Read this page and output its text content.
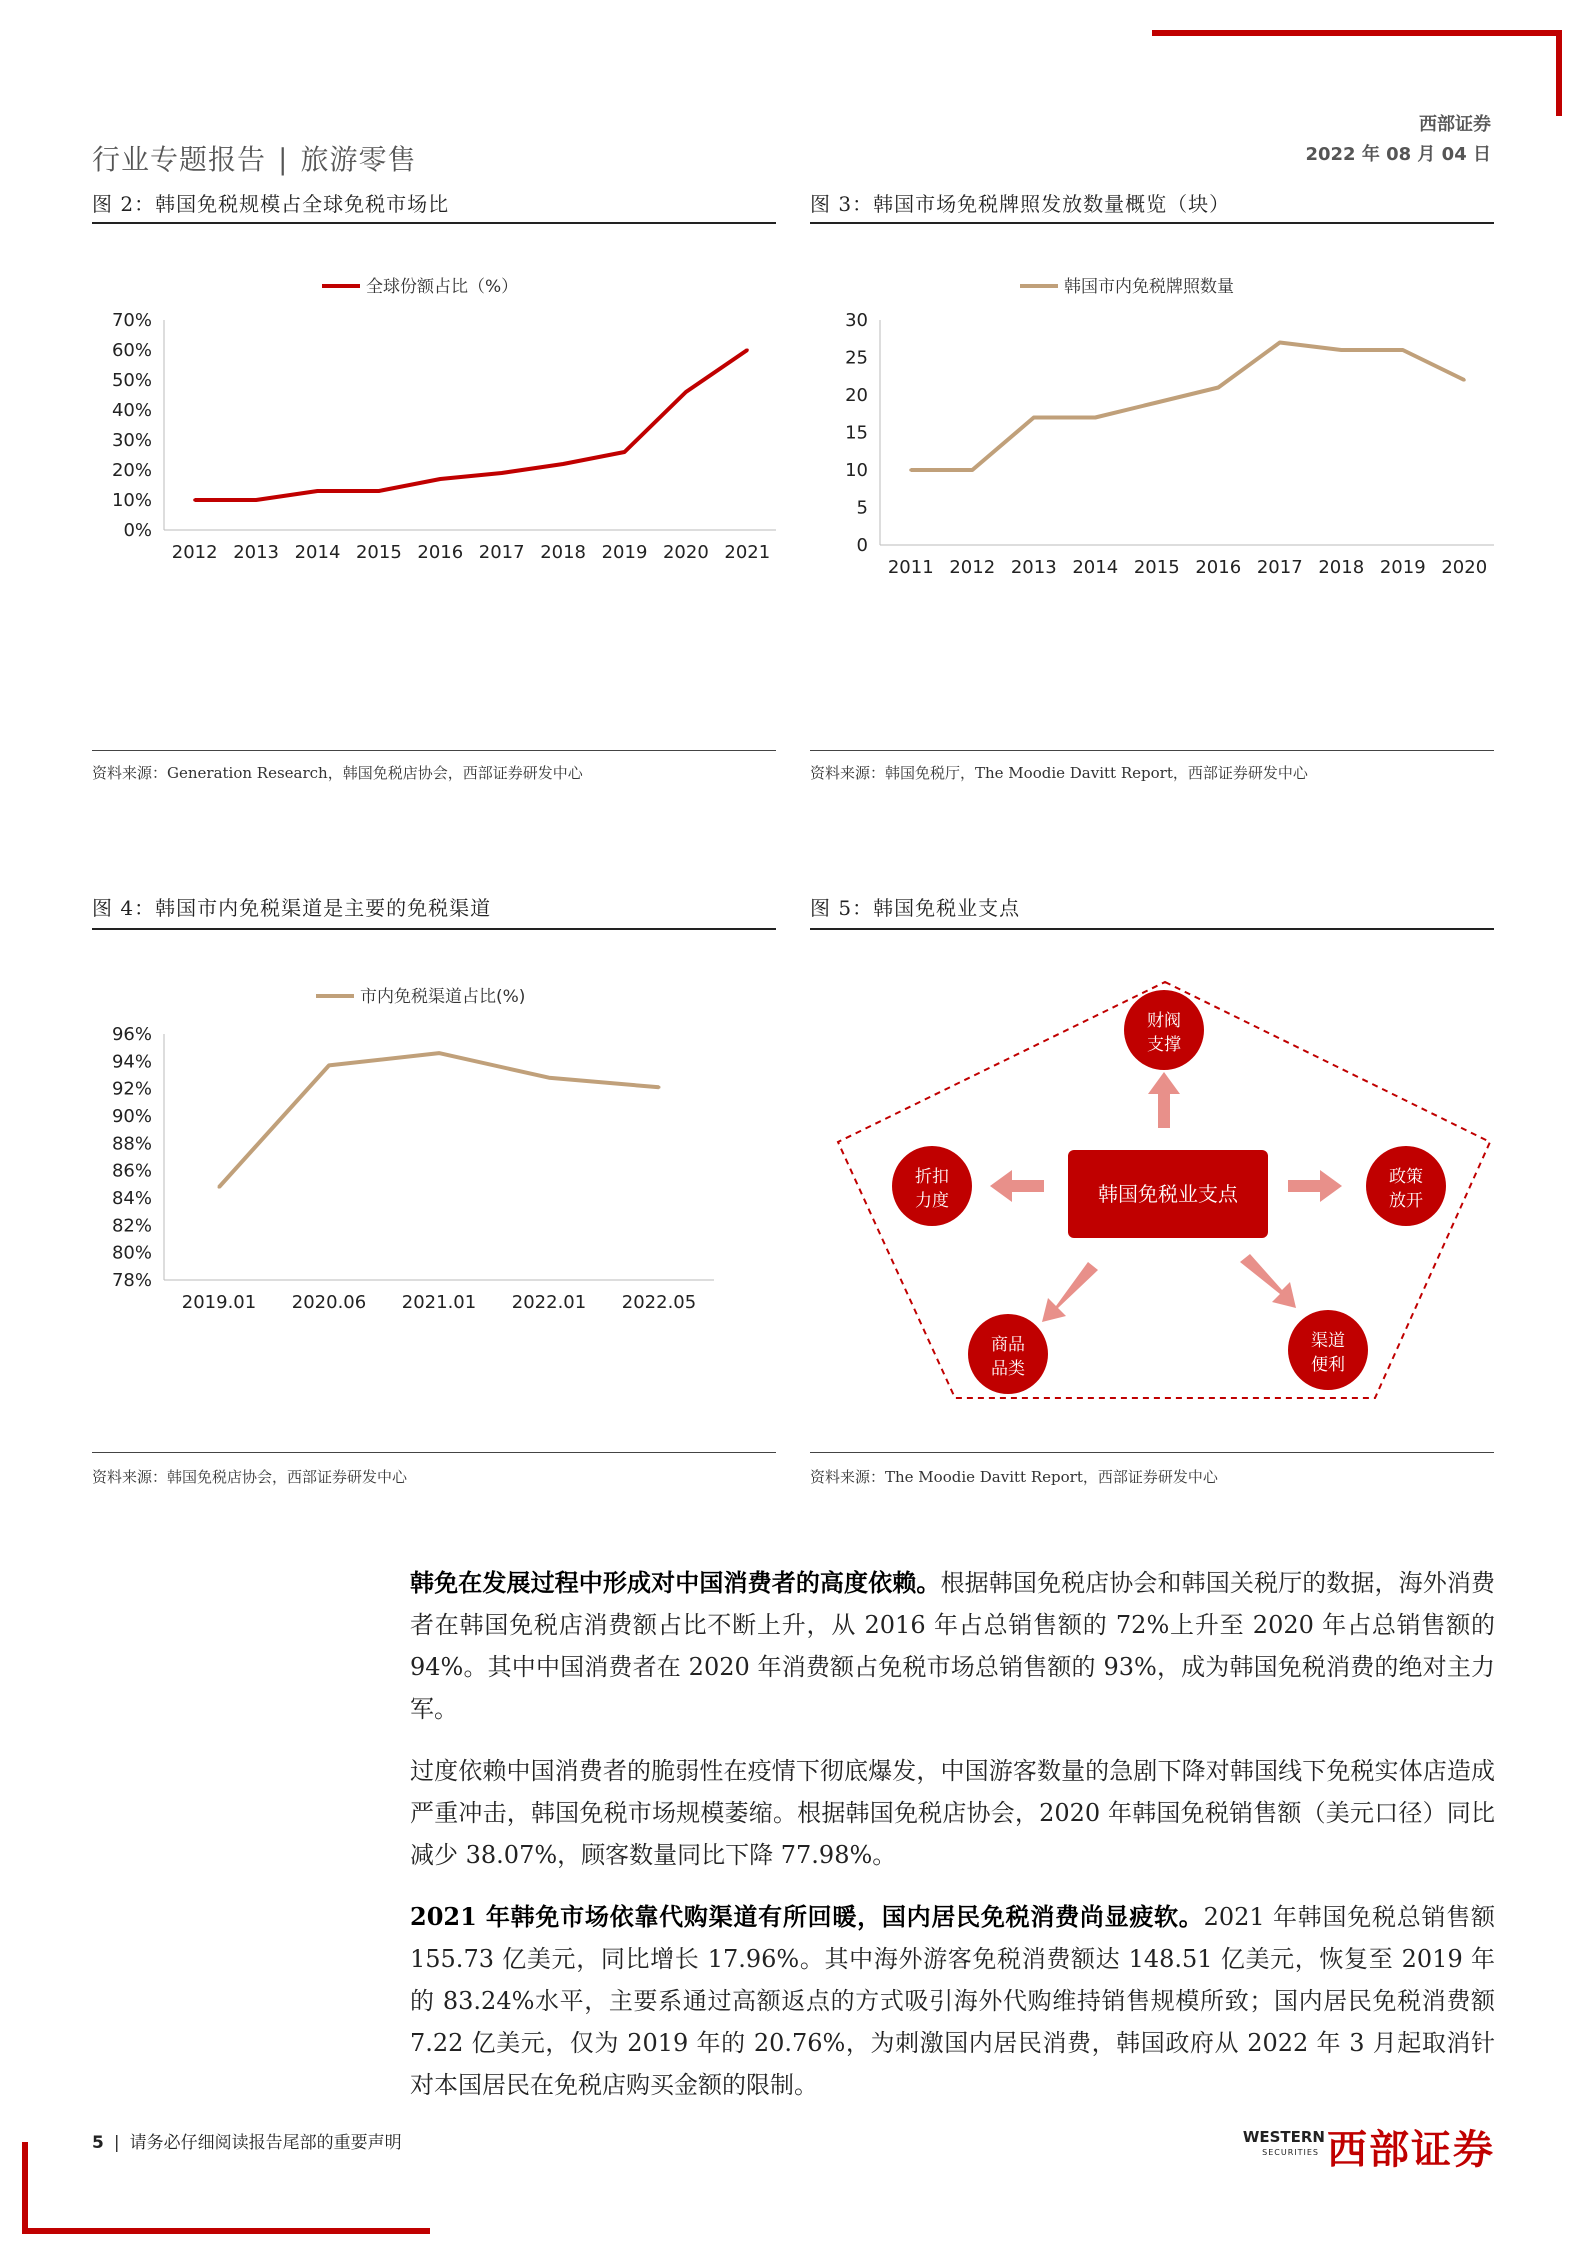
行业专题报告 | 旅游零售
西部证券
2022 年 08 月 04 日
图 2：韩国免税规模占全球免税市场比
全球份额占比（%）
0%
10%
20%
30%
40%
50%
60%
70%
2012 2013 2014 2015 2016 2017 2018 2019 2020 2021
资料来源：Generation Research，韩国免税店协会，西部证券研发中心
图 3：韩国市场免税牌照发放数量概览（块）
韩国市内免税牌照数量
0
5
10
15
20
25
30
2011 2012 2013 2014 2015 2016 2017 2018 2019 2020
资料来源：韩国免税厅，The Moodie Davitt Report，西部证券研发中心
图 4：韩国市内免税渠道是主要的免税渠道
市内免税渠道占比(%)
78%
80%
82%
84%
86%
88%
90%
92%
94%
96%
2019.01 2020.06 2021.01 2022.01 2022.05
资料来源：韩国免税店协会，西部证券研发中心
图 5：韩国免税业支点
韩国免税业支点
财阀
支撑
政策
放开
折扣
力度
商品
品类
渠道
便利
资料来源：The Moodie Davitt Report，西部证券研发中心

韩免在发展过程中形成对中国消费者的高度依赖。根据韩国免税店协会和韩国关税厅的数据，海外消费者在韩国免税店消费额占比不断上升，从 2016 年占总销售额的 72%上升至 2020 年占总销售额的 94%。其中中国消费者在 2020 年消费额占免税市场总销售额的 93%，成为韩国免税消费的绝对主力军。

过度依赖中国消费者的脆弱性在疫情下彻底爆发，中国游客数量的急剧下降对韩国线下免税实体店造成严重冲击，韩国免税市场规模萎缩。根据韩国免税店协会，2020 年韩国免税销售额（美元口径）同比减少 38.07%，顾客数量同比下降 77.98%。

2021 年韩免市场依靠代购渠道有所回暖，国内居民免税消费尚显疲软。2021 年韩国免税总销售额 155.73 亿美元，同比增长 17.96%。其中海外游客免税消费额达 148.51 亿美元，恢复至 2019 年的 83.24%水平，主要系通过高额返点的方式吸引海外代购维持销售规模所致；国内居民免税消费额 7.22 亿美元，仅为 2019 年的 20.76%，为刺激国内居民消费，韩国政府从 2022 年 3 月起取消针对本国居民在免税店购买金额的限制。

5 | 请务必仔细阅读报告尾部的重要声明	WESTERN
SECURITIES 西部证券
